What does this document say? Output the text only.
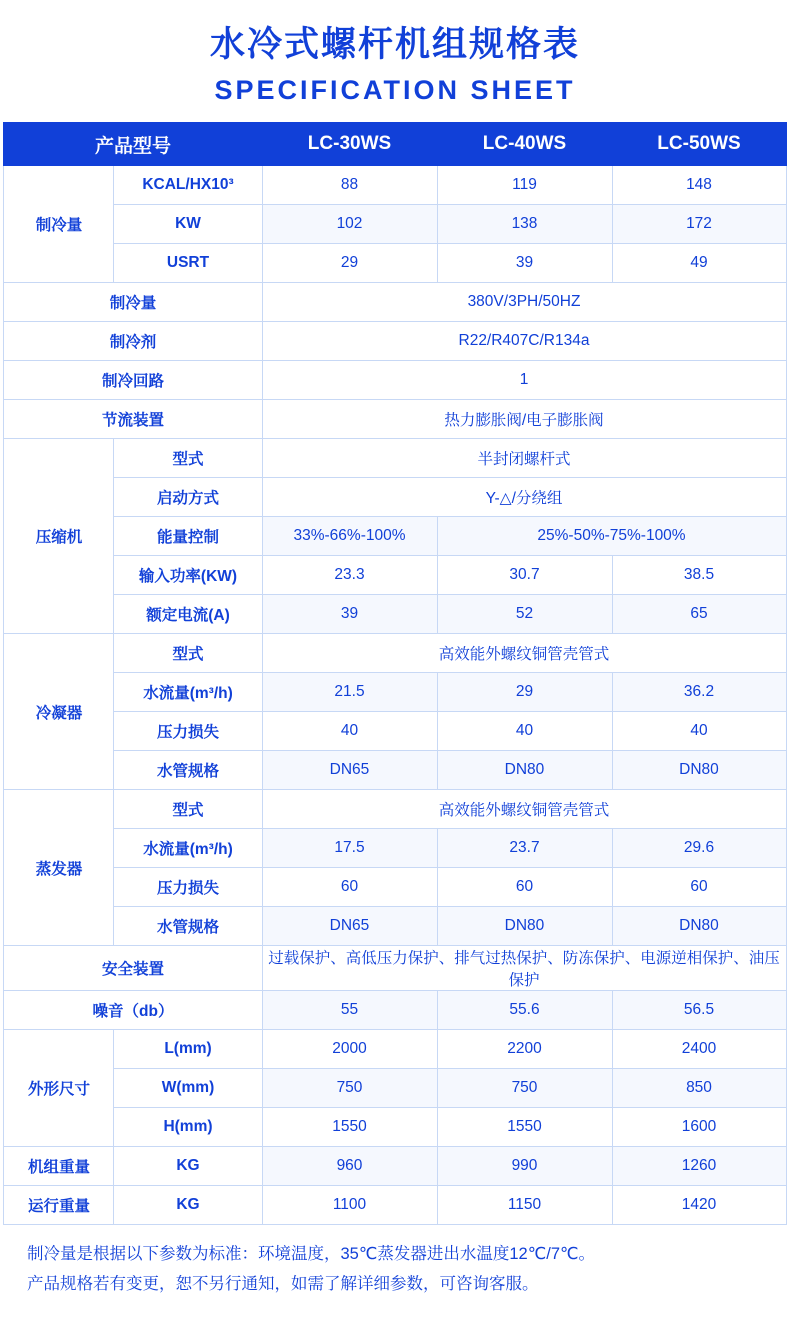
水冷式螺杆机组规格表
SPECIFICATION SHEET
产品型号		LC-30WS	LC-40WS	LC-50WS
制冷量	KCAL/HX10³	88	119	148
	KW	102	138	172
	USRT	29	39	49
制冷量		380V/3PH/50HZ		
制冷剂		R22/R407C/R134a		
制冷回路		1		
节流装置		热力膨胀阀/电子膨胀阀		
压缩机	型式	半封闭螺杆式		
	启动方式	Y-△/分绕组		
	能量控制	33%-66%-100%	25%-50%-75%-100%	
	输入功率(KW)	23.3	30.7	38.5
	额定电流(A)	39	52	65
冷凝器	型式	高效能外螺纹铜管壳管式		
	水流量(m³/h)	21.5	29	36.2
	压力损失	40	40	40
	水管规格	DN65	DN80	DN80
蒸发器	型式	高效能外螺纹铜管壳管式		
	水流量(m³/h)	17.5	23.7	29.6
	压力损失	60	60	60
	水管规格	DN65	DN80	DN80
安全装置		过载保护、高低压力保护、排气过热保护、防冻保护、电源逆相保护、油压保护		
噪音（db）		55	55.6	56.5
外形尺寸	L(mm)	2000	2200	2400
	W(mm)	750	750	850
	H(mm)	1550	1550	1600
机组重量	KG	960	990	1260
运行重量	KG	1100	1150	1420
制冷量是根据以下参数为标准：环境温度，35℃蒸发器进出水温度12℃/7℃。
产品规格若有变更，恕不另行通知，如需了解详细参数，可咨询客服。
